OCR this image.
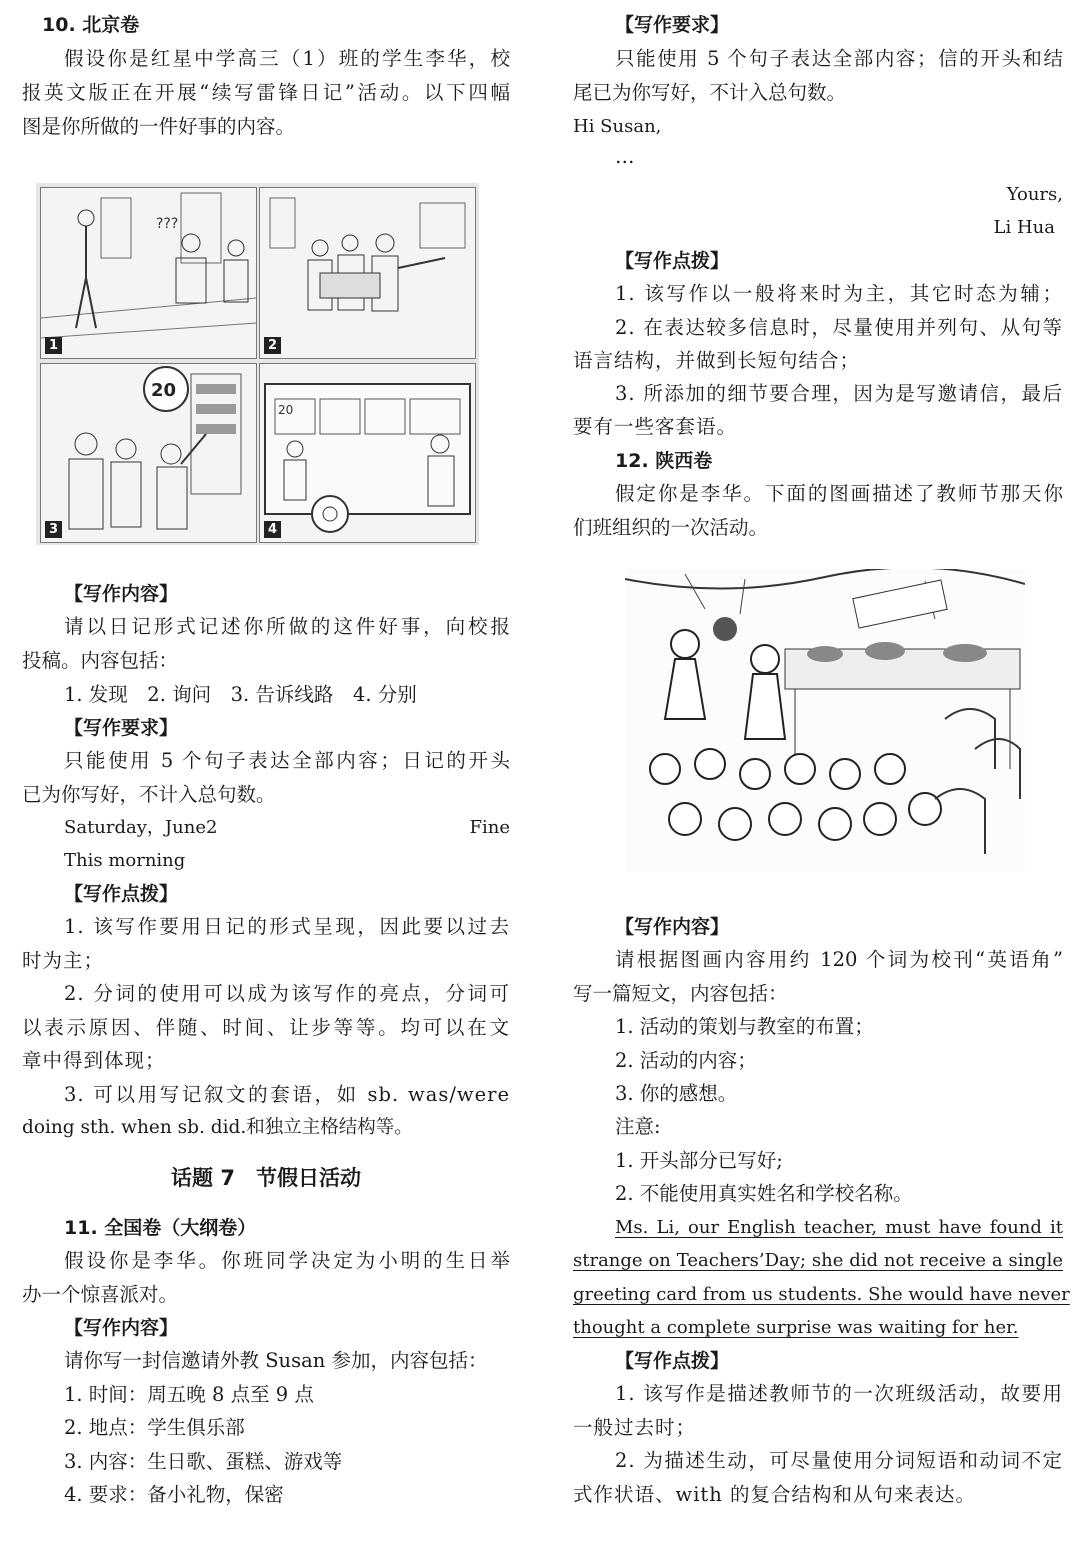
10. 北京卷
假设你是红星中学高三（1）班的学生李华，校
报英文版正在开展“续写雷锋日记”活动。以下四幅
图是你所做的一件好事的内容。
???
1	2
20
3
20
4
【写作内容】
请以日记形式记述你所做的这件好事，向校报
投稿。内容包括：
1. 发现　2. 询问　3. 告诉线路　4. 分别
【写作要求】
只能使用 5 个句子表达全部内容；日记的开头
已为你写好，不计入总句数。
Saturday，June2	Fine
This morning
【写作点拨】
1. 该写作要用日记的形式呈现，因此要以过去
时为主；
2. 分词的使用可以成为该写作的亮点，分词可
以表示原因、伴随、时间、让步等等。均可以在文
章中得到体现；
3. 可以用写记叙文的套语，如 sb. was/were
doing sth. when sb. did.和独立主格结构等。
话题 7　节假日活动
11. 全国卷（大纲卷）
假设你是李华。你班同学决定为小明的生日举
办一个惊喜派对。
【写作内容】
请你写一封信邀请外教 Susan 参加，内容包括：
1. 时间：周五晚 8 点至 9 点
2. 地点：学生俱乐部
3. 内容：生日歌、蛋糕、游戏等
4. 要求：备小礼物，保密
【写作要求】
只能使用 5 个句子表达全部内容；信的开头和结
尾已为你写好，不计入总句数。
Hi Susan,
…
Yours,
Li Hua
【写作点拨】
1. 该写作以一般将来时为主，其它时态为辅；
2. 在表达较多信息时，尽量使用并列句、从句等
语言结构，并做到长短句结合；
3. 所添加的细节要合理，因为是写邀请信，最后
要有一些客套语。
12. 陕西卷
假定你是李华。下面的图画描述了教师节那天你
们班组织的一次活动。
【写作内容】
请根据图画内容用约 120 个词为校刊“英语角”
写一篇短文，内容包括：
1. 活动的策划与教室的布置；
2. 活动的内容；
3. 你的感想。
注意:
1. 开头部分已写好;
2. 不能使用真实姓名和学校名称。
Ms. Li, our English teacher, must have found it
strange on Teachers’Day; she did not receive a single
greeting card from us students. She would have never
thought a complete surprise was waiting for her.
【写作点拨】
1. 该写作是描述教师节的一次班级活动，故要用
一般过去时；
2. 为描述生动，可尽量使用分词短语和动词不定
式作状语、with 的复合结构和从句来表达。
